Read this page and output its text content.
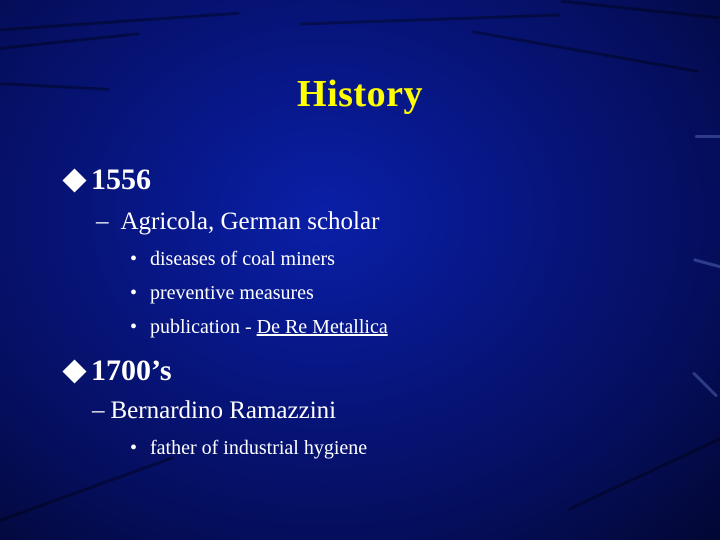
History
1556
– Agricola, German scholar
• diseases of coal miners
• preventive measures
• publication - De Re Metallica
1700’s
– Bernardino Ramazzini
• father of industrial hygiene
